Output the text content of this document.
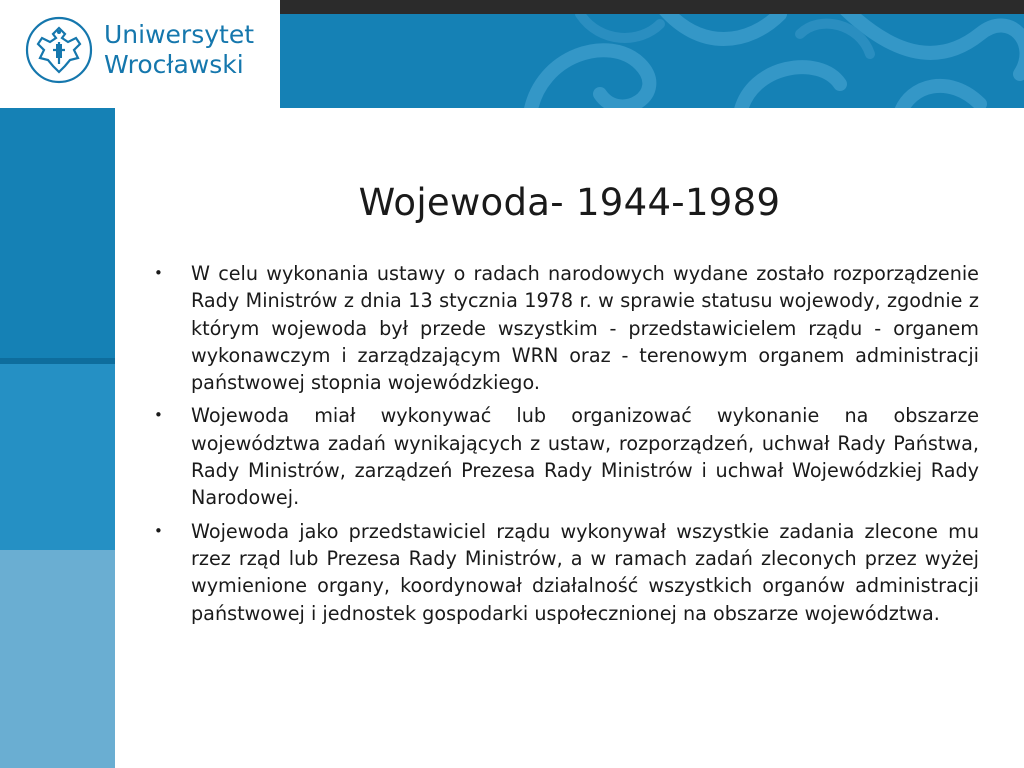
Uniwersytet
Wrocławski
Wojewoda- 1944-1989
• W celu wykonania ustawy o radach narodowych wydane zostało rozporządzenie Rady Ministrów z dnia 13 stycznia 1978 r. w sprawie statusu wojewody, zgodnie z którym wojewoda był przede wszystkim - przedstawicielem rządu - organem wykonawczym i zarządzającym WRN oraz - terenowym organem administracji państwowej stopnia wojewódzkiego.
• Wojewoda miał wykonywać lub organizować wykonanie na obszarze województwa zadań wynikających z ustaw, rozporządzeń, uchwał Rady Państwa, Rady Ministrów, zarządzeń Prezesa Rady Ministrów i uchwał Wojewódzkiej Rady Narodowej.
• Wojewoda jako przedstawiciel rządu wykonywał wszystkie zadania zlecone mu rzez rząd lub Prezesa Rady Ministrów, a w ramach zadań zleconych przez wyżej wymienione organy, koordynował działalność wszystkich organów administracji państwowej i jednostek gospodarki uspołecznionej na obszarze województwa.
